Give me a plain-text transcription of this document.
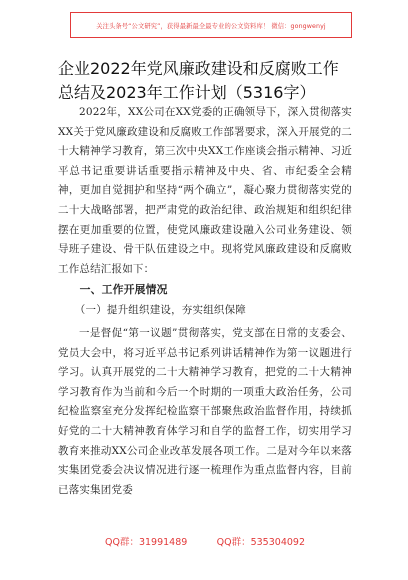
关注头条号“公文研究”，获得最新最全最专业的公文资料库！ 微信：gongwenyj
企业2022年党风廉政建设和反腐败工作总结及2023年工作计划（5316字）

2022年，XX公司在XX党委的正确领导下，深入贯彻落实XX关于党风廉政建设和反腐败工作部署要求，深入开展党的二十大精神学习教育，第三次中央XX工作座谈会指示精神、习近平总书记重要讲话重要指示精神及中央、省、市纪委全会精神，更加自觉拥护和坚持“两个确立”，凝心聚力贯彻落实党的二十大战略部署，把严肃党的政治纪律、政治规矩和组织纪律摆在更加重要的位置，使党风廉政建设融入公司业务建设、领导班子建设、骨干队伍建设之中。现将党风廉政建设和反腐败工作总结汇报如下：

一、工作开展情况

（一）提升组织建设，夯实组织保障

一是督促“第一议题”贯彻落实，党支部在日常的支委会、党员大会中，将习近平总书记系列讲话精神作为第一议题进行学习。认真开展党的二十大精神学习教育，把党的二十大精神学习教育作为当前和今后一个时期的一项重大政治任务，公司纪检监察室充分发挥纪检监察干部聚焦政治监督作用，持续抓好党的二十大精神教育体学习和自学的监督工作，切实用学习教育来推动XX公司企业改革发展各项工作。二是对今年以来落实集团党委会决议情况进行逐一梳理作为重点监督内容，目前已落实集团党委

QQ群：31991489	QQ群：535304092
